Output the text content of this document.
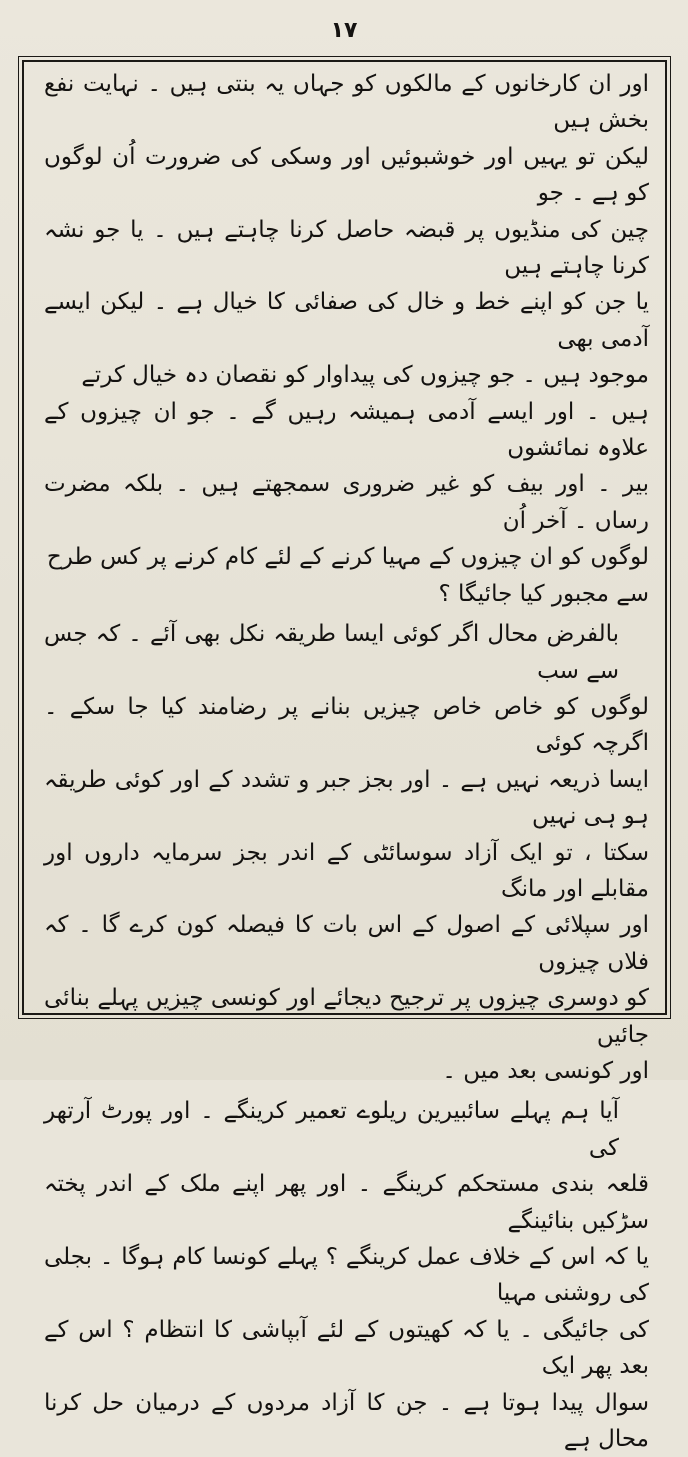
۱۷

اور ان کارخانوں کے مالکوں کو جہاں یہ بنتی ہیں ۔ نہایت نفع بخش ہیں
لیکن تو یہیں اور خوشبوئیں اور وسکی کی ضرورت اُن لوگوں کو ہے ۔ جو
چین کی منڈیوں پر قبضہ حاصل کرنا چاہتے ہیں ۔ یا جو نشہ کرنا چاہتے ہیں
یا جن کو اپنے خط و خال کی صفائی کا خیال ہے ۔ لیکن ایسے آدمی بھی
موجود ہیں ۔ جو چیزوں کی پیداوار کو نقصان دہ خیال کرتے
ہیں ۔ اور ایسے آدمی ہمیشہ رہیں گے ۔ جو ان چیزوں کے علاوہ نمائشوں
بیر ۔ اور بیف کو غیر ضروری سمجھتے ہیں ۔ بلکہ مضرت رساں ۔ آخر اُن
لوگوں کو ان چیزوں کے مہیا کرنے کے لئے کام کرنے پر کس طرح
سے مجبور کیا جائیگا ؟

بالفرض محال اگر کوئی ایسا طریقہ نکل بھی آئے ۔ کہ جس سے سب
لوگوں کو خاص خاص چیزیں بنانے پر رضامند کیا جا سکے ۔ اگرچہ کوئی
ایسا ذریعہ نہیں ہے ۔ اور بجز جبر و تشدد کے اور کوئی طریقہ ہو ہی نہیں
سکتا ، تو ایک آزاد سوسائٹی کے اندر بجز سرمایہ داروں اور مقابلے اور مانگ
اور سپلائی کے اصول کے اس بات کا فیصلہ کون کرے گا ۔ کہ فلاں چیزوں
کو دوسری چیزوں پر ترجیح دیجائے اور کونسی چیزیں پہلے بنائی جائیں
اور کونسی بعد میں ۔

آیا ہم پہلے سائبیرین ریلوے تعمیر کرینگے ۔ اور پورٹ آرتھر کی
قلعہ بندی مستحکم کرینگے ۔ اور پھر اپنے ملک کے اندر پختہ سڑکیں بنائینگے
یا کہ اس کے خلاف عمل کرینگے ؟ پہلے کونسا کام ہوگا ۔ بجلی کی روشنی مہیا
کی جائیگی ۔ یا کہ کھیتوں کے لئے آبپاشی کا انتظام ؟ اس کے بعد پھر ایک
سوال پیدا ہوتا ہے ۔ جن کا آزاد مردوں کے درمیان حل کرنا محال ہے
